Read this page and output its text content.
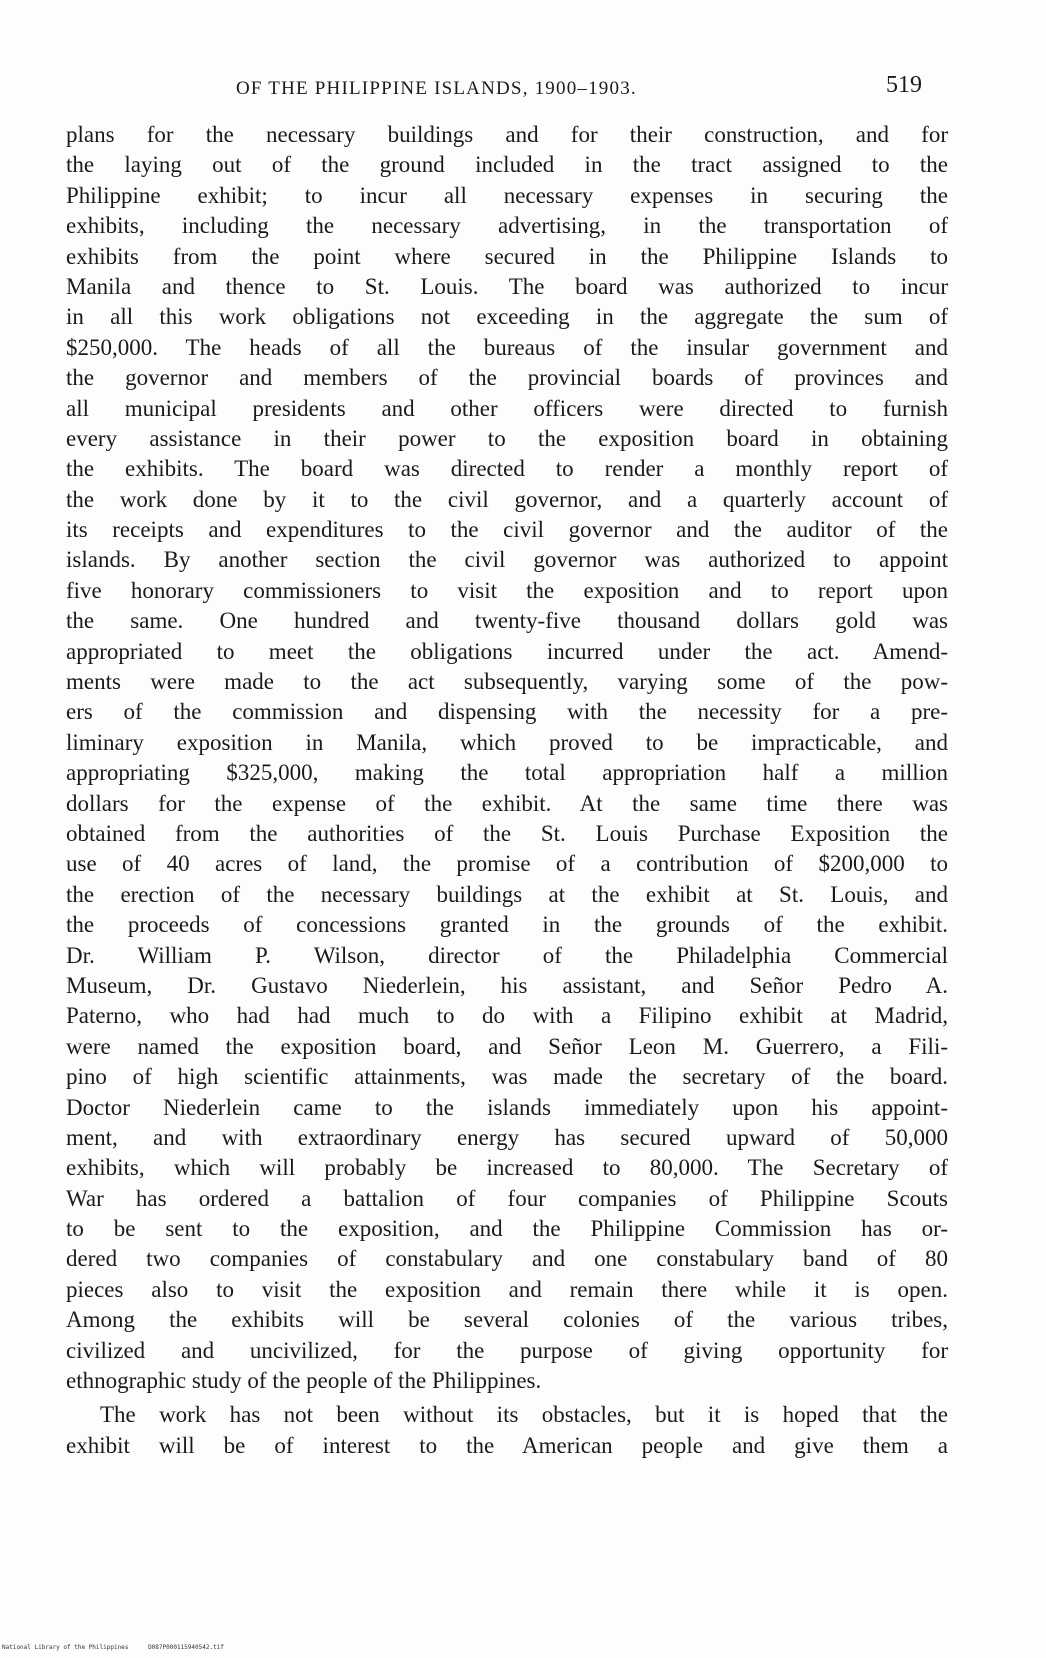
OF THE PHILIPPINE ISLANDS, 1900–1903.	519
plans for the necessary buildings and for their construction, and for
the laying out of the ground included in the tract assigned to the
Philippine exhibit; to incur all necessary expenses in securing the
exhibits, including the necessary advertising, in the transportation of
exhibits from the point where secured in the Philippine Islands to
Manila and thence to St. Louis. The board was authorized to incur
in all this work obligations not exceeding in the aggregate the sum of
$250,000. The heads of all the bureaus of the insular government and
the governor and members of the provincial boards of provinces and
all municipal presidents and other officers were directed to furnish
every assistance in their power to the exposition board in obtaining
the exhibits. The board was directed to render a monthly report of
the work done by it to the civil governor, and a quarterly account of
its receipts and expenditures to the civil governor and the auditor of the
islands. By another section the civil governor was authorized to appoint
five honorary commissioners to visit the exposition and to report upon
the same. One hundred and twenty-five thousand dollars gold was
appropriated to meet the obligations incurred under the act. Amend-
ments were made to the act subsequently, varying some of the pow-
ers of the commission and dispensing with the necessity for a pre-
liminary exposition in Manila, which proved to be impracticable, and
appropriating $325,000, making the total appropriation half a million
dollars for the expense of the exhibit. At the same time there was
obtained from the authorities of the St. Louis Purchase Exposition the
use of 40 acres of land, the promise of a contribution of $200,000 to
the erection of the necessary buildings at the exhibit at St. Louis, and
the proceeds of concessions granted in the grounds of the exhibit.
Dr. William P. Wilson, director of the Philadelphia Commercial
Museum, Dr. Gustavo Niederlein, his assistant, and Señor Pedro A.
Paterno, who had had much to do with a Filipino exhibit at Madrid,
were named the exposition board, and Señor Leon M. Guerrero, a Fili-
pino of high scientific attainments, was made the secretary of the board.
Doctor Niederlein came to the islands immediately upon his appoint-
ment, and with extraordinary energy has secured upward of 50,000
exhibits, which will probably be increased to 80,000. The Secretary of
War has ordered a battalion of four companies of Philippine Scouts
to be sent to the exposition, and the Philippine Commission has or-
dered two companies of constabulary and one constabulary band of 80
pieces also to visit the exposition and remain there while it is open.
Among the exhibits will be several colonies of the various tribes,
civilized and uncivilized, for the purpose of giving opportunity for
ethnographic study of the people of the Philippines.
The work has not been without its obstacles, but it is hoped that the
exhibit will be of interest to the American people and give them a
National Library of the Philippines	D087P000115940542.tif
